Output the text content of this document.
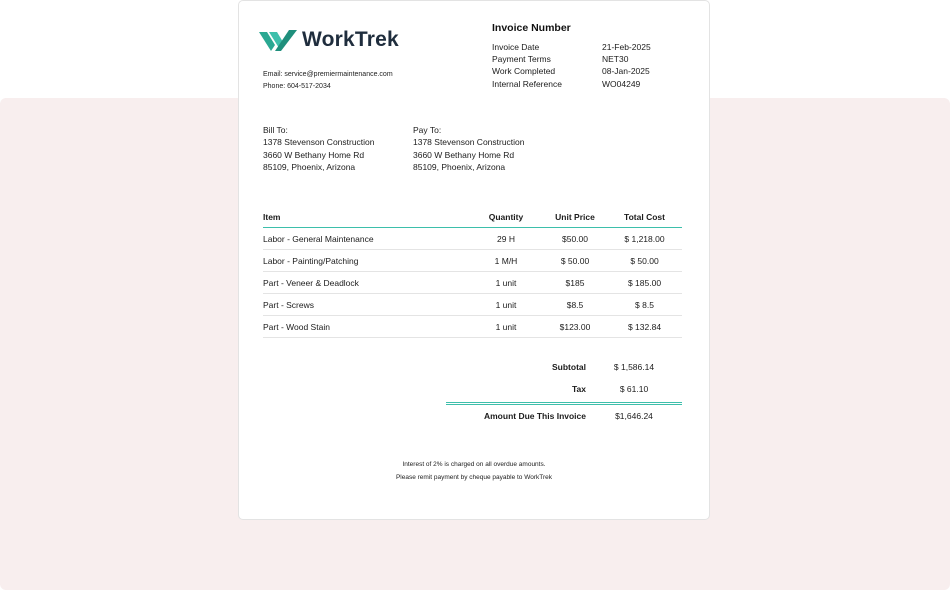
WorkTrek
Email: service@premiermaintenance.com
Phone: 604-517-2034
Invoice Number
Invoice Date	21-Feb-2025
Payment Terms	NET30
Work Completed	08-Jan-2025
Internal Reference	WO04249
Bill To:
1378 Stevenson Construction
3660 W Bethany Home Rd
85109, Phoenix, Arizona
Pay To:
1378 Stevenson Construction
3660 W Bethany Home Rd
85109, Phoenix, Arizona
Item	Quantity	Unit Price	Total Cost
Labor - General Maintenance	29 H	$50.00	$ 1,218.00
Labor - Painting/Patching	1 M/H	$ 50.00	$ 50.00
Part - Veneer & Deadlock	1 unit	$185	$ 185.00
Part - Screws	1 unit	$8.5	$ 8.5
Part - Wood Stain	1 unit	$123.00	$ 132.84
Subtotal	$ 1,586.14
Tax	$ 61.10
Amount Due This Invoice	$1,646.24
Interest of 2% is charged on all overdue amounts.
Please remit payment by cheque payable to WorkTrek
